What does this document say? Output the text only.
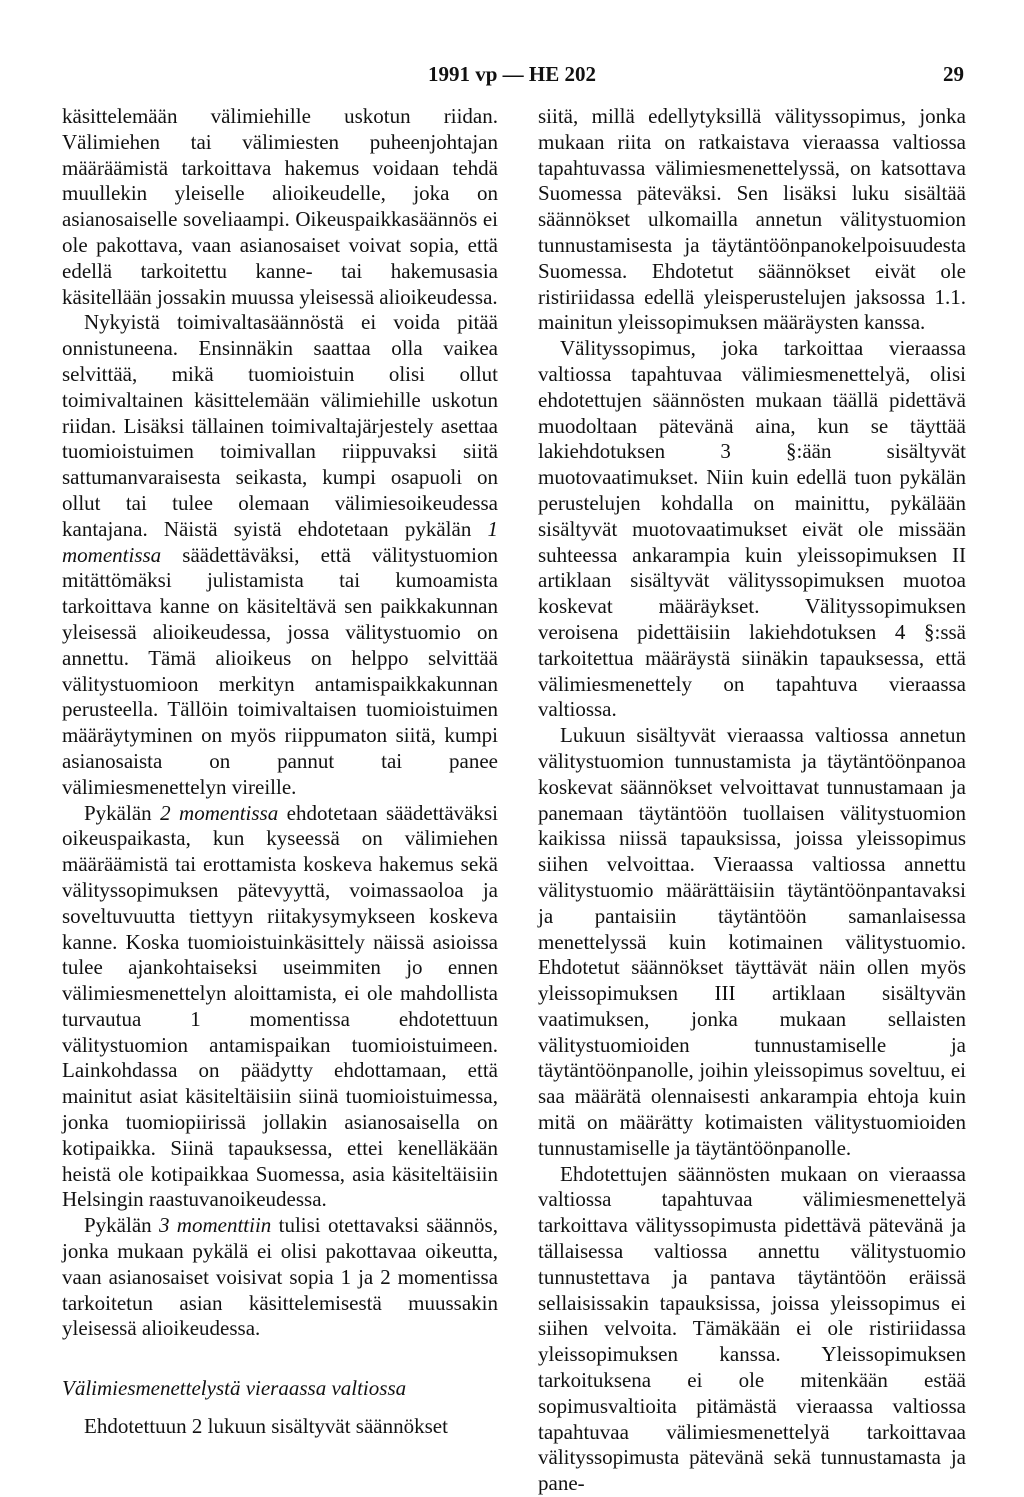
1991 vp — HE 202	29

käsittelemään välimiehille uskotun riidan. Välimiehen tai välimiesten puheenjohtajan määräämistä tarkoittava hakemus voidaan tehdä muullekin yleiselle alioikeudelle, joka on asianosaiselle soveliaampi. Oikeuspaikkasäännös ei ole pakottava, vaan asianosaiset voivat sopia, että edellä tarkoitettu kanne- tai hakemusasia käsitellään jossakin muussa yleisessä alioikeudessa.

Nykyistä toimivaltasäännöstä ei voida pitää onnistuneena. Ensinnäkin saattaa olla vaikea selvittää, mikä tuomioistuin olisi ollut toimivaltainen käsittelemään välimiehille uskotun riidan. Lisäksi tällainen toimivaltajärjestely asettaa tuomioistuimen toimivallan riippuvaksi siitä sattumanvaraisesta seikasta, kumpi osapuoli on ollut tai tulee olemaan välimiesoikeudessa kantajana. Näistä syistä ehdotetaan pykälän 1 momentissa säädettäväksi, että välitystuomion mitättömäksi julistamista tai kumoamista tarkoittava kanne on käsiteltävä sen paikkakunnan yleisessä alioikeudessa, jossa välitystuomio on annettu. Tämä alioikeus on helppo selvittää välitystuomioon merkityn antamispaikkakunnan perusteella. Tällöin toimivaltaisen tuomioistuimen määräytyminen on myös riippumaton siitä, kumpi asianosaista on pannut tai panee välimiesmenettelyn vireille.

Pykälän 2 momentissa ehdotetaan säädettäväksi oikeuspaikasta, kun kyseessä on välimiehen määräämistä tai erottamista koskeva hakemus sekä välityssopimuksen pätevyyttä, voimassaoloa ja soveltuvuutta tiettyyn riitakysymykseen koskeva kanne. Koska tuomioistuinkäsittely näissä asioissa tulee ajankohtaiseksi useimmiten jo ennen välimiesmenettelyn aloittamista, ei ole mahdollista turvautua 1 momentissa ehdotettuun välitystuomion antamispaikan tuomioistuimeen. Lainkohdassa on päädytty ehdottamaan, että mainitut asiat käsiteltäisiin siinä tuomioistuimessa, jonka tuomiopiirissä jollakin asianosaisella on kotipaikka. Siinä tapauksessa, ettei kenelläkään heistä ole kotipaikkaa Suomessa, asia käsiteltäisiin Helsingin raastuvanoikeudessa.

Pykälän 3 momenttiin tulisi otettavaksi säännös, jonka mukaan pykälä ei olisi pakottavaa oikeutta, vaan asianosaiset voisivat sopia 1 ja 2 momentissa tarkoitetun asian käsittelemisestä muussakin yleisessä alioikeudessa.

Välimiesmenettelystä vieraassa valtiossa

Ehdotettuun 2 lukuun sisältyvät säännökset

siitä, millä edellytyksillä välityssopimus, jonka mukaan riita on ratkaistava vieraassa valtiossa tapahtuvassa välimiesmenettelyssä, on katsottava Suomessa päteväksi. Sen lisäksi luku sisältää säännökset ulkomailla annetun välitystuomion tunnustamisesta ja täytäntöönpanokelpoisuudesta Suomessa. Ehdotetut säännökset eivät ole ristiriidassa edellä yleisperustelujen jaksossa 1.1. mainitun yleissopimuksen määräysten kanssa.

Välityssopimus, joka tarkoittaa vieraassa valtiossa tapahtuvaa välimiesmenettelyä, olisi ehdotettujen säännösten mukaan täällä pidettävä muodoltaan pätevänä aina, kun se täyttää lakiehdotuksen 3 §:ään sisältyvät muotovaatimukset. Niin kuin edellä tuon pykälän perustelujen kohdalla on mainittu, pykälään sisältyvät muotovaatimukset eivät ole missään suhteessa ankarampia kuin yleissopimuksen II artiklaan sisältyvät välityssopimuksen muotoa koskevat määräykset. Välityssopimuksen veroisena pidettäisiin lakiehdotuksen 4 §:ssä tarkoitettua määräystä siinäkin tapauksessa, että välimiesmenettely on tapahtuva vieraassa valtiossa.

Lukuun sisältyvät vieraassa valtiossa annetun välitystuomion tunnustamista ja täytäntöönpanoa koskevat säännökset velvoittavat tunnustamaan ja panemaan täytäntöön tuollaisen välitystuomion kaikissa niissä tapauksissa, joissa yleissopimus siihen velvoittaa. Vieraassa valtiossa annettu välitystuomio määrättäisiin täytäntöönpantavaksi ja pantaisiin täytäntöön samanlaisessa menettelyssä kuin kotimainen välitystuomio. Ehdotetut säännökset täyttävät näin ollen myös yleissopimuksen III artiklaan sisältyvän vaatimuksen, jonka mukaan sellaisten välitystuomioiden tunnustamiselle ja täytäntöönpanolle, joihin yleissopimus soveltuu, ei saa määrätä olennaisesti ankarampia ehtoja kuin mitä on määrätty kotimaisten välitystuomioiden tunnustamiselle ja täytäntöönpanolle.

Ehdotettujen säännösten mukaan on vieraassa valtiossa tapahtuvaa välimiesmenettelyä tarkoittava välityssopimusta pidettävä pätevänä ja tällaisessa valtiossa annettu välitystuomio tunnustettava ja pantava täytäntöön eräissä sellaisissakin tapauksissa, joissa yleissopimus ei siihen velvoita. Tämäkään ei ole ristiriidassa yleissopimuksen kanssa. Yleissopimuksen tarkoituksena ei ole mitenkään estää sopimusvaltioita pitämästä vieraassa valtiossa tapahtuvaa välimiesmenettelyä tarkoittavaa välityssopimusta pätevänä sekä tunnustamasta ja pane-
